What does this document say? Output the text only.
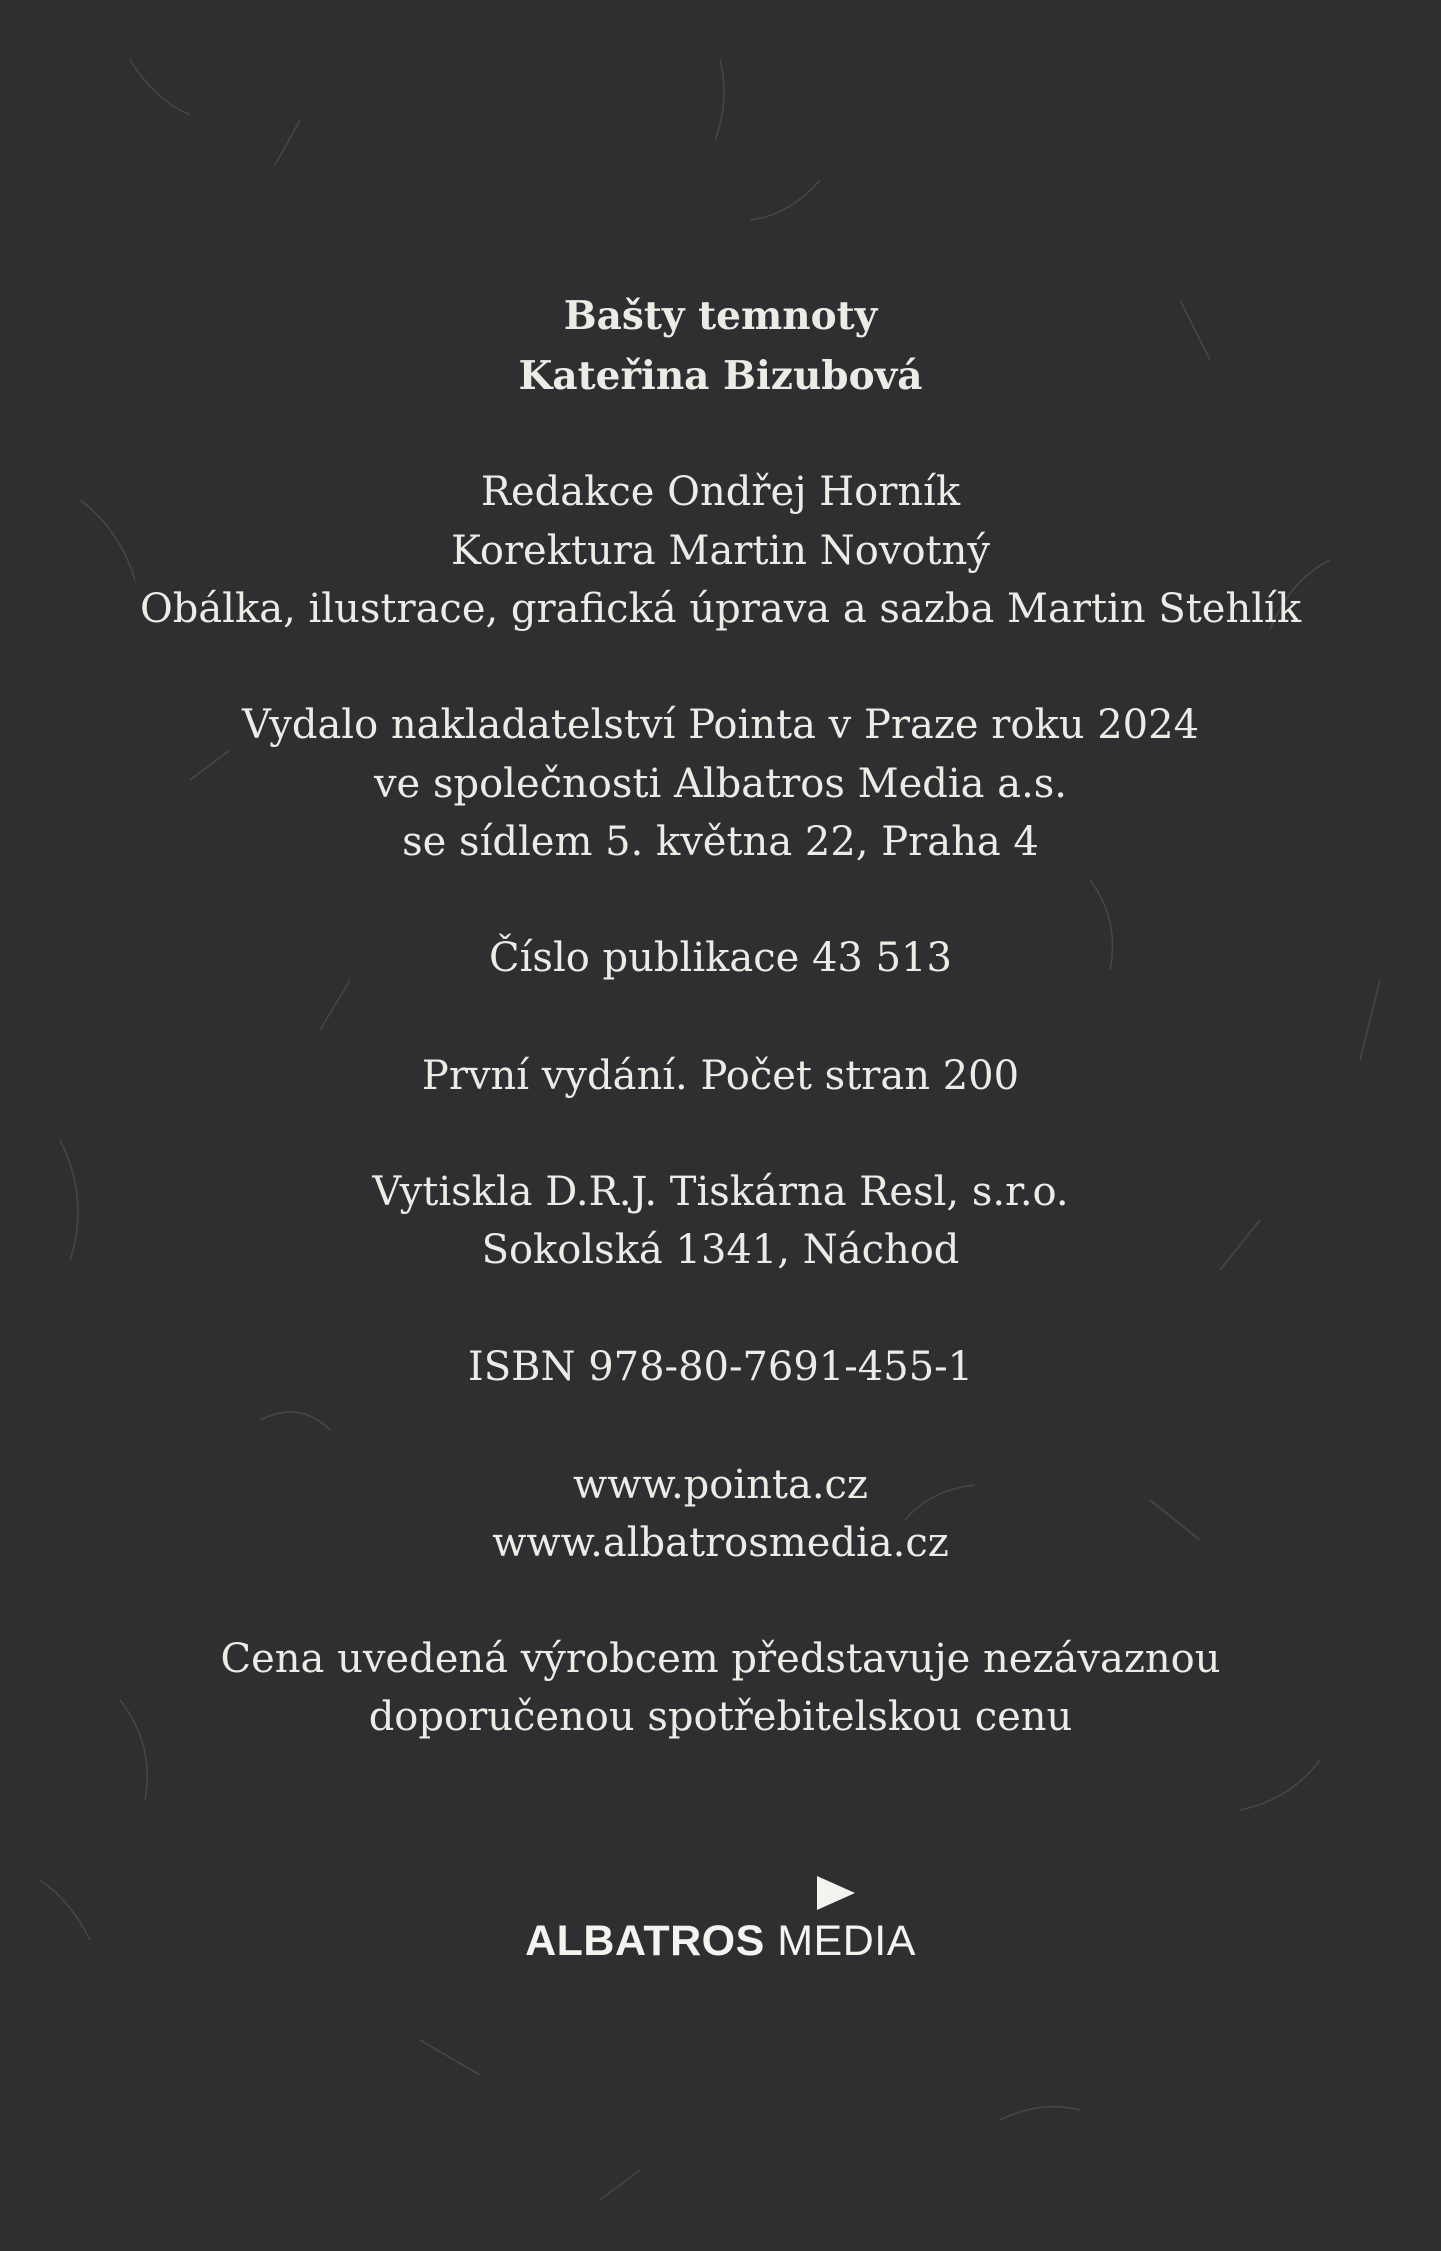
Bašty temnoty
Kateřina Bizubová
Redakce Ondřej Horník
Korektura Martin Novotný
Obálka, ilustrace, grafická úprava a sazba Martin Stehlík
Vydalo nakladatelství Pointa v Praze roku 2024
ve společnosti Albatros Media a.s.
se sídlem 5. května 22, Praha 4
Číslo publikace 43 513
První vydání. Počet stran 200
Vytiskla D.R.J. Tiskárna Resl, s.r.o.
Sokolská 1341, Náchod
ISBN 978-80-7691-455-1
www.pointa.cz
www.albatrosmedia.cz
Cena uvedená výrobcem představuje nezávaznou
doporučenou spotřebitelskou cenu
ALBATROS MEDIA
